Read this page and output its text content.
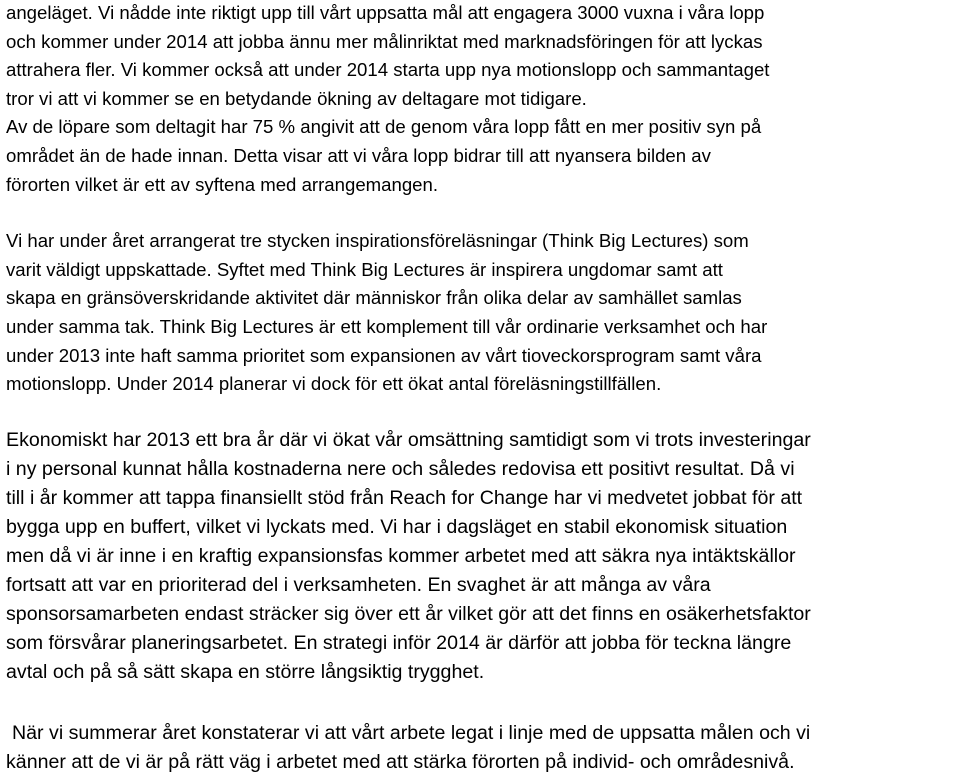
angeläget. Vi nådde inte riktigt upp till vårt uppsatta mål att engagera 3000 vuxna i våra lopp
och kommer under 2014 att jobba ännu mer målinriktat med marknadsföringen för att lyckas
attrahera fler. Vi kommer också att under 2014 starta upp nya motionslopp och sammantaget
tror vi att vi kommer se en betydande ökning av deltagare mot tidigare.
Av de löpare som deltagit har 75 % angivit att de genom våra lopp fått en mer positiv syn på
området än de hade innan. Detta visar att vi våra lopp bidrar till att nyansera bilden av
förorten vilket är ett av syftena med arrangemangen.
Vi har under året arrangerat tre stycken inspirationsföreläsningar (Think Big Lectures) som
varit väldigt uppskattade. Syftet med Think Big Lectures är inspirera ungdomar samt att
skapa en gränsöverskridande aktivitet där människor från olika delar av samhället samlas
under samma tak. Think Big Lectures är ett komplement till vår ordinarie verksamhet och har
under 2013 inte haft samma prioritet som expansionen av vårt tioveckorsprogram samt våra
motionslopp. Under 2014 planerar vi dock för ett ökat antal föreläsningstillfällen.
Ekonomiskt har 2013 ett bra år där vi ökat vår omsättning samtidigt som vi trots investeringar
i ny personal kunnat hålla kostnaderna nere och således redovisa ett positivt resultat. Då vi
till i år kommer att tappa finansiellt stöd från Reach for Change har vi medvetet jobbat för att
bygga upp en buffert, vilket vi lyckats med. Vi har i dagsläget en stabil ekonomisk situation
men då vi är inne i en kraftig expansionsfas kommer arbetet med att säkra nya intäktskällor
fortsatt att var en prioriterad del i verksamheten. En svaghet är att många av våra
sponsorsamarbeten endast sträcker sig över ett år vilket gör att det finns en osäkerhetsfaktor
som försvårar planeringsarbetet. En strategi inför 2014 är därför att jobba för teckna längre
avtal och på så sätt skapa en större långsiktig trygghet.
När vi summerar året konstaterar vi att vårt arbete legat i linje med de uppsatta målen och vi
känner att de vi är på rätt väg i arbetet med att stärka förorten på individ- och områdesnivå.
